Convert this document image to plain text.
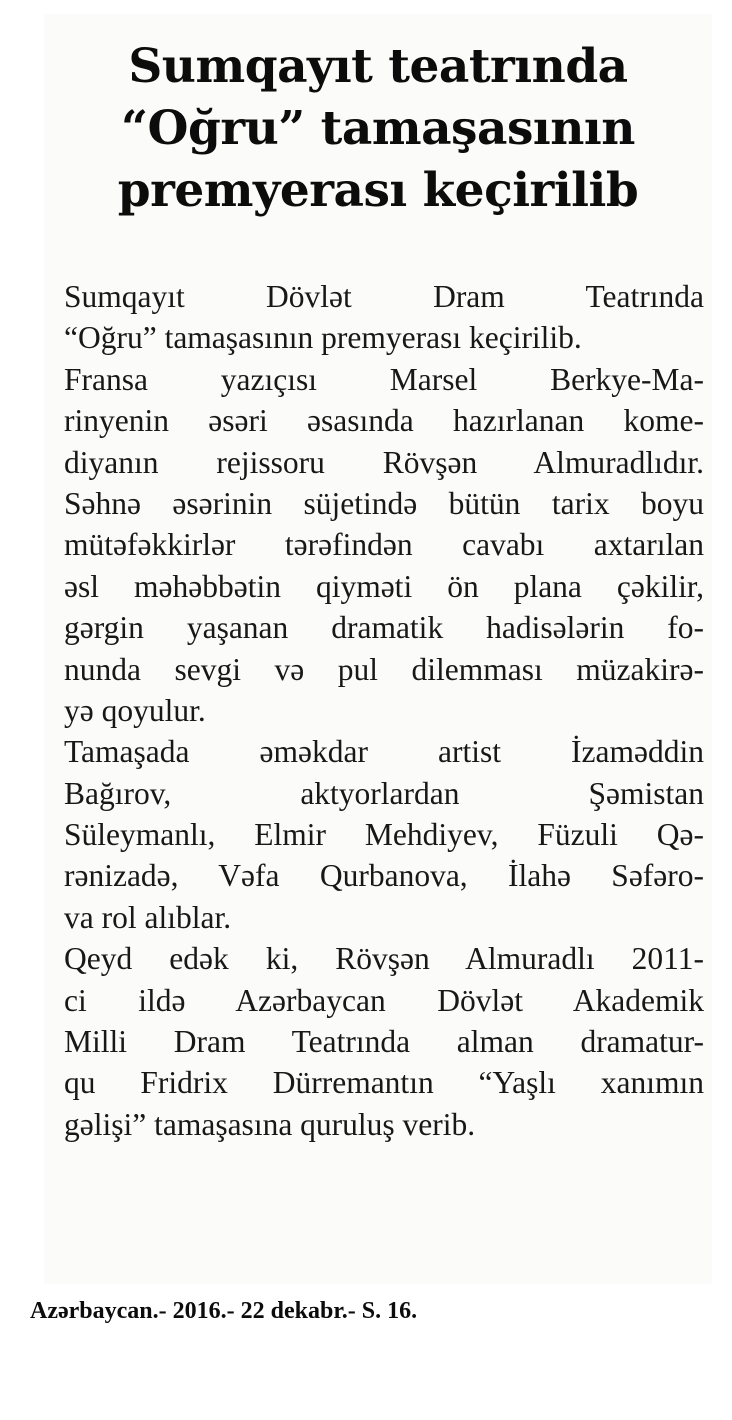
Sumqayıt teatrında
“Oğru” tamaşasının
premyerası keçirilib

Sumqayıt Dövlət Dram Teatrında
“Oğru” tamaşasının premyerası keçirilib.

Fransa yazıçısı Marsel Berkye-Ma-
rinyenin əsəri əsasında hazırlanan kome-
diyanın rejissoru Rövşən Almuradlıdır.
Səhnə əsərinin süjetində bütün tarix boyu
mütəfəkkirlər tərəfindən cavabı axtarılan
əsl məhəbbətin qiyməti ön plana çəkilir,
gərgin yaşanan dramatik hadisələrin fo-
nunda sevgi və pul dilemması müzakirə-
yə qoyulur.

Tamaşada əməkdar artist İzaməddin
Bağırov, aktyorlardan Şəmistan
Süleymanlı, Elmir Mehdiyev, Füzuli Qə-
rənizadə, Vəfa Qurbanova, İlahə Səfəro-
va rol alıblar.

Qeyd edək ki, Rövşən Almuradlı 2011-
ci ildə Azərbaycan Dövlət Akademik
Milli Dram Teatrında alman dramatur-
qu Fridrix Dürremantın “Yaşlı xanımın
gəlişi” tamaşasına quruluş verib.

Azərbaycan.- 2016.- 22 dekabr.- S. 16.
